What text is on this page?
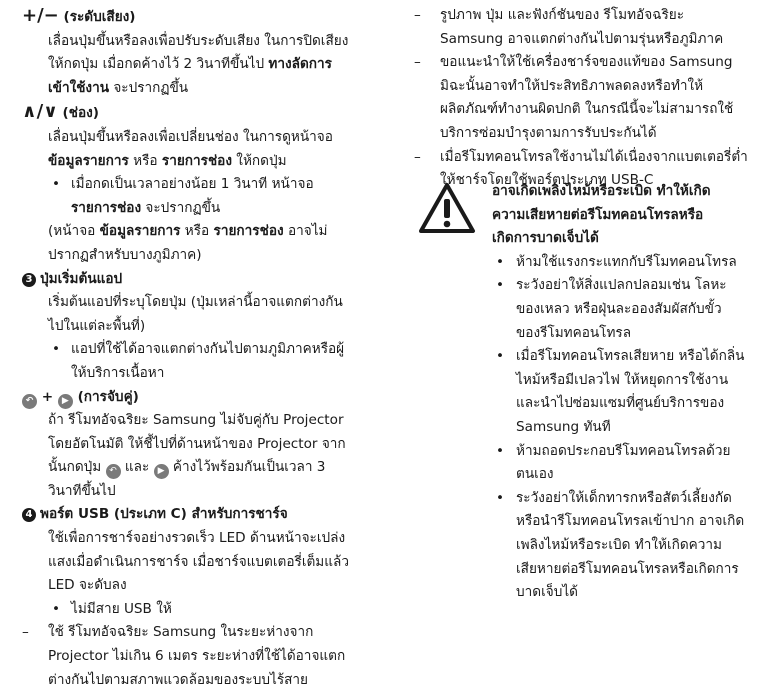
+/− (ระดับเสียง)
เลื่อนปุ่มขึ้นหรือลงเพื่อปรับระดับเสียง ในการปิดเสียง
ให้กดปุ่ม เมื่อกดค้างไว้ 2 วินาทีขึ้นไป ทางลัดการ
เข้าใช้งาน จะปรากฏขึ้น
∧/∨ (ช่อง)
เลื่อนปุ่มขึ้นหรือลงเพื่อเปลี่ยนช่อง ในการดูหน้าจอ
ข้อมูลรายการ หรือ รายการช่อง ให้กดปุ่ม
• เมื่อกดเป็นเวลาอย่างน้อย 1 วินาที หน้าจอ
รายการช่อง จะปรากฏขึ้น
(หน้าจอ ข้อมูลรายการ หรือ รายการช่อง อาจไม่
ปรากฏสำหรับบางภูมิภาค)
3 ปุ่มเริ่มต้นแอป
เริ่มต้นแอปที่ระบุโดยปุ่ม (ปุ่มเหล่านี้อาจแตกต่างกัน
ไปในแต่ละพื้นที่)
• แอปที่ใช้ได้อาจแตกต่างกันไปตามภูมิภาคหรือผู้
ให้บริการเนื้อหา
↶ + ▶ (การจับคู่)
ถ้า รีโมทอัจฉริยะ Samsung ไม่จับคู่กับ Projector
โดยอัตโนมัติ ให้ชี้ไปที่ด้านหน้าของ Projector จาก
นั้นกดปุ่ม ↶ และ ▶ ค้างไว้พร้อมกันเป็นเวลา 3
วินาทีขึ้นไป
4 พอร์ต USB (ประเภท C) สำหรับการชาร์จ
ใช้เพื่อการชาร์จอย่างรวดเร็ว LED ด้านหน้าจะเปล่ง
แสงเมื่อดำเนินการชาร์จ เมื่อชาร์จแบตเตอรี่เต็มแล้ว
LED จะดับลง
• ไม่มีสาย USB ให้
– ใช้ รีโมทอัจฉริยะ Samsung ในระยะห่างจาก
Projector ไม่เกิน 6 เมตร ระยะห่างที่ใช้ได้อาจแตก
ต่างกันไปตามสภาพแวดล้อมของระบบไร้สาย
– รูปภาพ ปุ่ม และฟังก์ชันของ รีโมทอัจฉริยะ
Samsung อาจแตกต่างกันไปตามรุ่นหรือภูมิภาค
– ขอแนะนำให้ใช้เครื่องชาร์จของแท้ของ Samsung
มิฉะนั้นอาจทำให้ประสิทธิภาพลดลงหรือทำให้
ผลิตภัณฑ์ทำงานผิดปกติ ในกรณีนี้จะไม่สามารถใช้
บริการซ่อมบำรุงตามการรับประกันได้
– เมื่อรีโมทคอนโทรลใช้งานไม่ได้เนื่องจากแบตเตอรี่ต่ำ
ให้ชาร์จโดยใช้พอร์ตประเภท USB-C
อาจเกิดเพลิงไหม้หรือระเบิด ทำให้เกิด
ความเสียหายต่อรีโมทคอนโทรลหรือ
เกิดการบาดเจ็บได้
• ห้ามใช้แรงกระแทกกับรีโมทคอนโทรล
• ระวังอย่าให้สิ่งแปลกปลอมเช่น โลหะ
ของเหลว หรือฝุ่นละอองสัมผัสกับขั้ว
ของรีโมทคอนโทรล
• เมื่อรีโมทคอนโทรลเสียหาย หรือได้กลิ่น
ไหม้หรือมีเปลวไฟ ให้หยุดการใช้งาน
และนำไปซ่อมแซมที่ศูนย์บริการของ
Samsung ทันที
• ห้ามถอดประกอบรีโมทคอนโทรลด้วย
ตนเอง
• ระวังอย่าให้เด็กทารกหรือสัตว์เลี้ยงกัด
หรือนำรีโมทคอนโทรลเข้าปาก อาจเกิด
เพลิงไหม้หรือระเบิด ทำให้เกิดความ
เสียหายต่อรีโมทคอนโทรลหรือเกิดการ
บาดเจ็บได้
